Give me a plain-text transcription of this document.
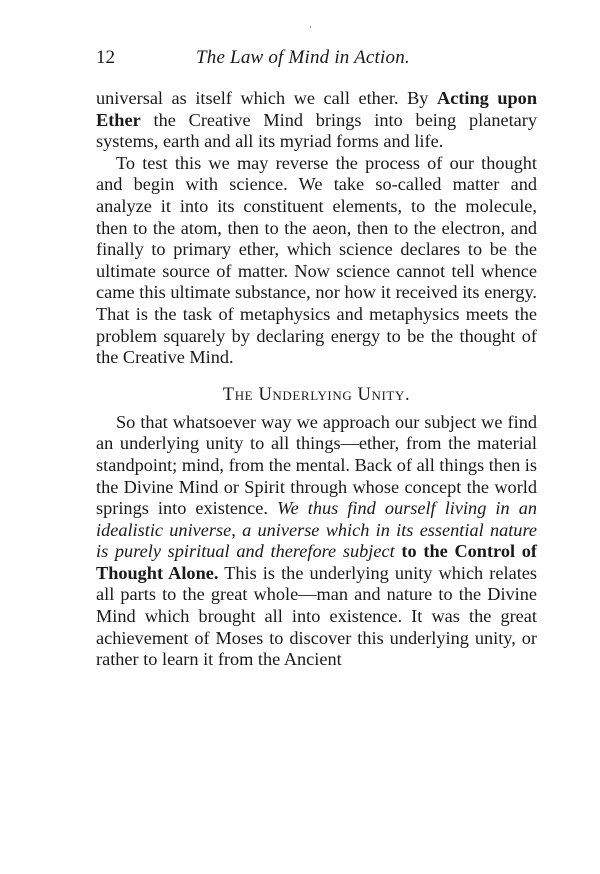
12	The Law of Mind in Action.

universal as itself which we call ether. By Acting upon Ether the Creative Mind brings into being planetary systems, earth and all its myriad forms and life.

To test this we may reverse the process of our thought and begin with science. We take so-called matter and analyze it into its constituent elements, to the molecule, then to the atom, then to the aeon, then to the electron, and finally to primary ether, which science declares to be the ultimate source of matter. Now science cannot tell whence came this ultimate substance, nor how it received its energy. That is the task of metaphysics and metaphysics meets the problem squarely by declaring energy to be the thought of the Creative Mind.

The Underlying Unity.

So that whatsoever way we approach our subject we find an underlying unity to all things—ether, from the material standpoint; mind, from the mental. Back of all things then is the Divine Mind or Spirit through whose concept the world springs into existence. We thus find ourself living in an idealistic universe, a universe which in its essential nature is purely spiritual and therefore subject to the Control of Thought Alone. This is the underlying unity which relates all parts to the great whole—man and nature to the Divine Mind which brought all into existence. It was the great achievement of Moses to discover this underlying unity, or rather to learn it from the Ancient
